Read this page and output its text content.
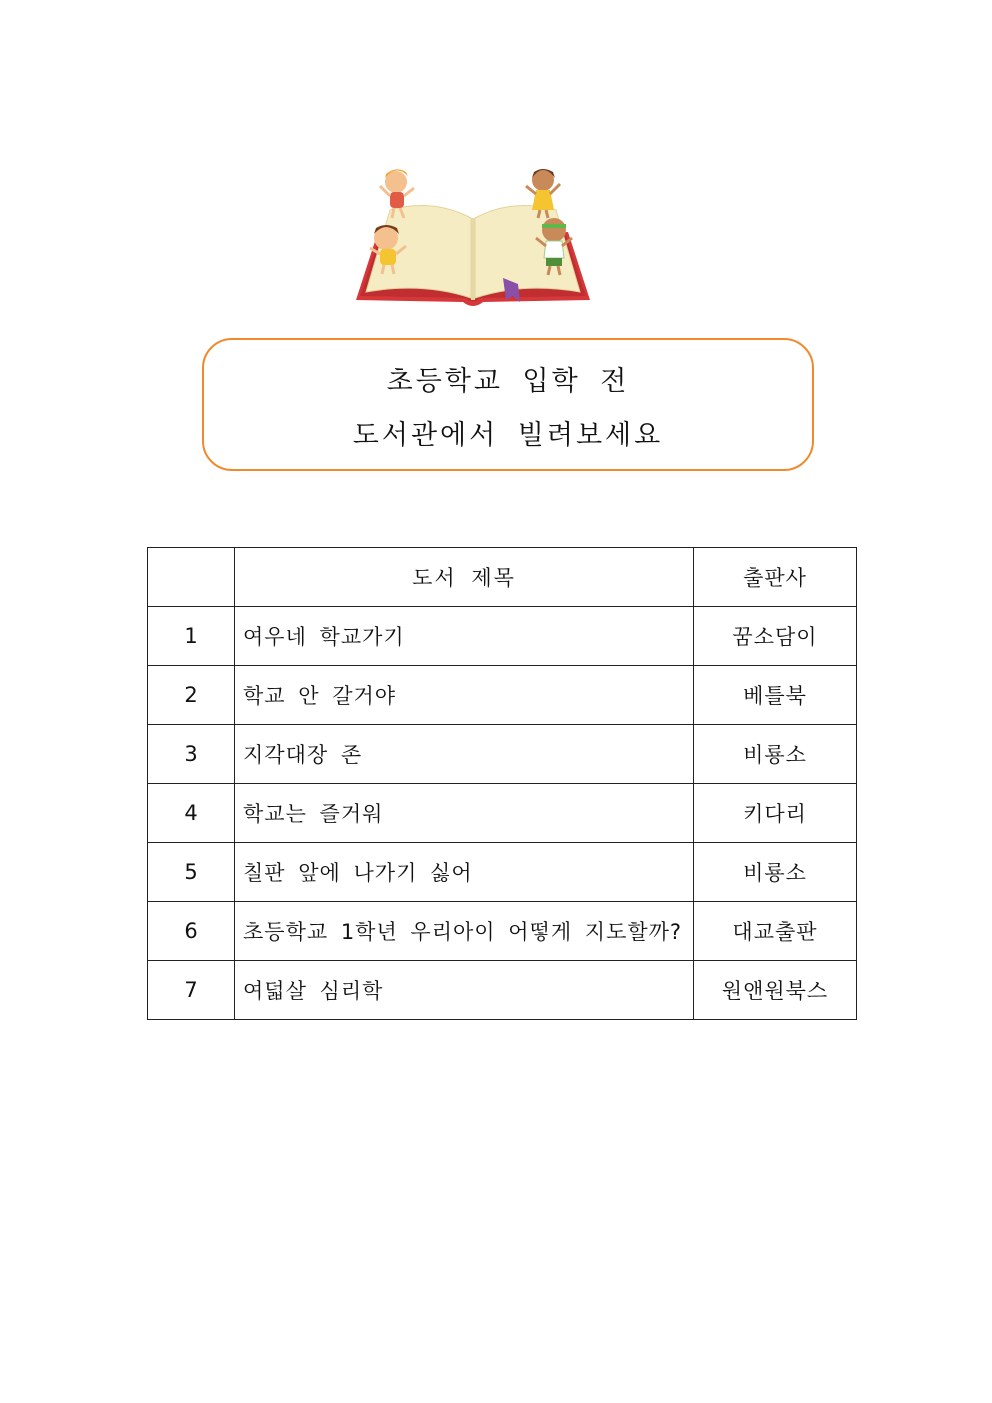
초등학교 입학 전
도서관에서 빌려보세요
	도서 제목	출판사
1	여우네 학교가기	꿈소담이
2	학교 안 갈거야	베틀북
3	지각대장 존	비룡소
4	학교는 즐거워	키다리
5	칠판 앞에 나가기 싫어	비룡소
6	초등학교 1학년 우리아이 어떻게 지도할까?	대교출판
7	여덟살 심리학	원앤원북스
